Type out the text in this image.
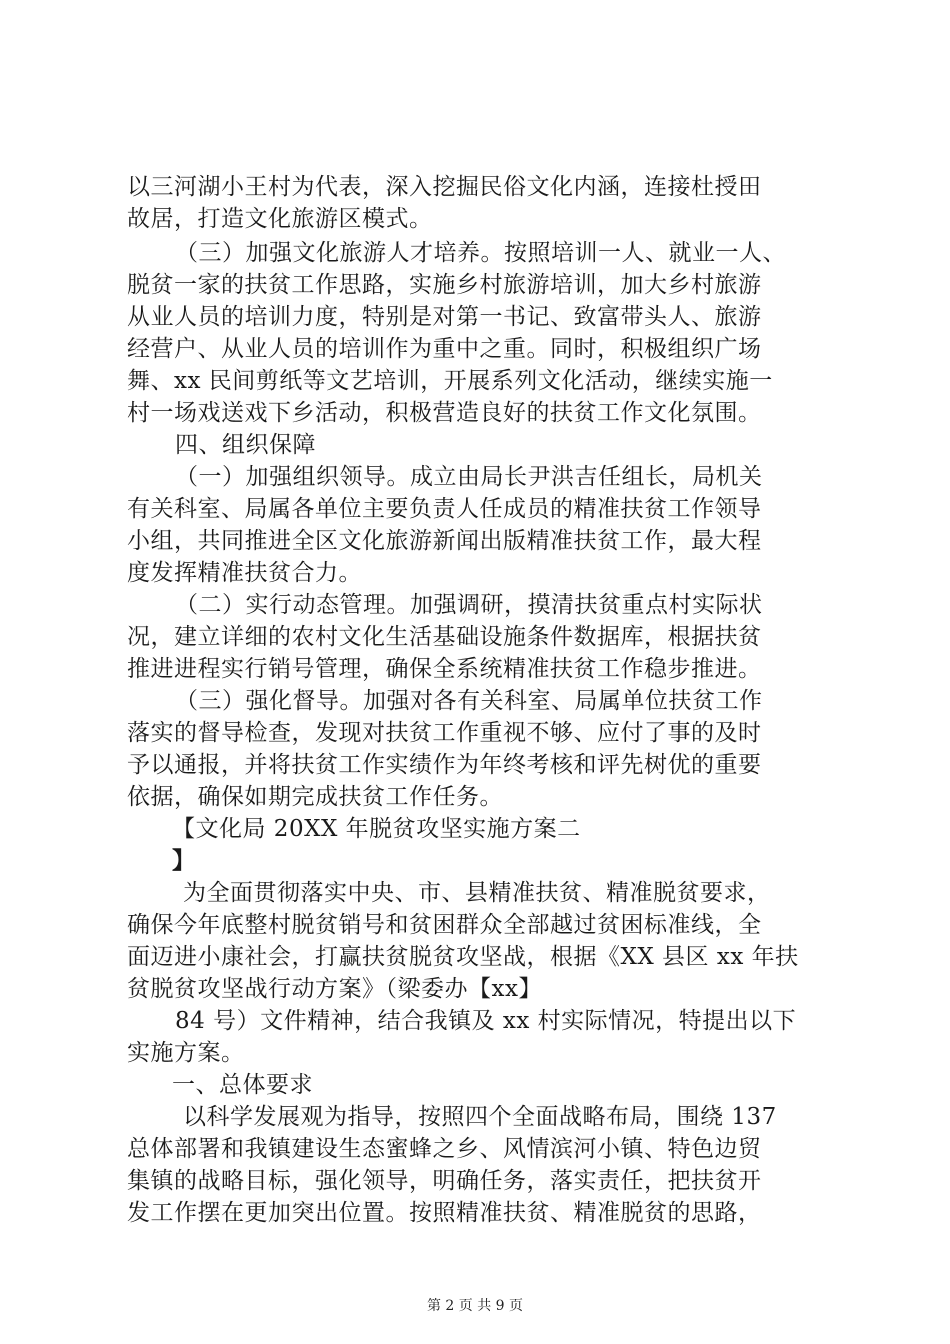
以三河湖小王村为代表，深入挖掘民俗文化内涵，连接杜授田
故居，打造文化旅游区模式。
（三）加强文化旅游人才培养。按照培训一人、就业一人、
脱贫一家的扶贫工作思路，实施乡村旅游培训，加大乡村旅游
从业人员的培训力度，特别是对第一书记、致富带头人、旅游
经营户、从业人员的培训作为重中之重。同时，积极组织广场
舞、xx 民间剪纸等文艺培训，开展系列文化活动，继续实施一
村一场戏送戏下乡活动，积极营造良好的扶贫工作文化氛围。
四、组织保障
（一）加强组织领导。成立由局长尹洪吉任组长，局机关
有关科室、局属各单位主要负责人任成员的精准扶贫工作领导
小组，共同推进全区文化旅游新闻出版精准扶贫工作，最大程
度发挥精准扶贫合力。
（二）实行动态管理。加强调研，摸清扶贫重点村实际状
况，建立详细的农村文化生活基础设施条件数据库，根据扶贫
推进进程实行销号管理，确保全系统精准扶贫工作稳步推进。
（三）强化督导。加强对各有关科室、局属单位扶贫工作
落实的督导检查，发现对扶贫工作重视不够、应付了事的及时
予以通报，并将扶贫工作实绩作为年终考核和评先树优的重要
依据，确保如期完成扶贫工作任务。
【文化局 20XX 年脱贫攻坚实施方案二
】
为全面贯彻落实中央、市、县精准扶贫、精准脱贫要求，
确保今年底整村脱贫销号和贫困群众全部越过贫困标准线，全
面迈进小康社会，打赢扶贫脱贫攻坚战，根据《XX 县区 xx 年扶
贫脱贫攻坚战行动方案》（梁委办【xx】
84 号）文件精神，结合我镇及 xx 村实际情况，特提出以下
实施方案。
一、总体要求
以科学发展观为指导，按照四个全面战略布局，围绕 137
总体部署和我镇建设生态蜜蜂之乡、风情滨河小镇、特色边贸
集镇的战略目标，强化领导，明确任务，落实责任，把扶贫开
发工作摆在更加突出位置。按照精准扶贫、精准脱贫的思路，
第 2 页 共 9 页
